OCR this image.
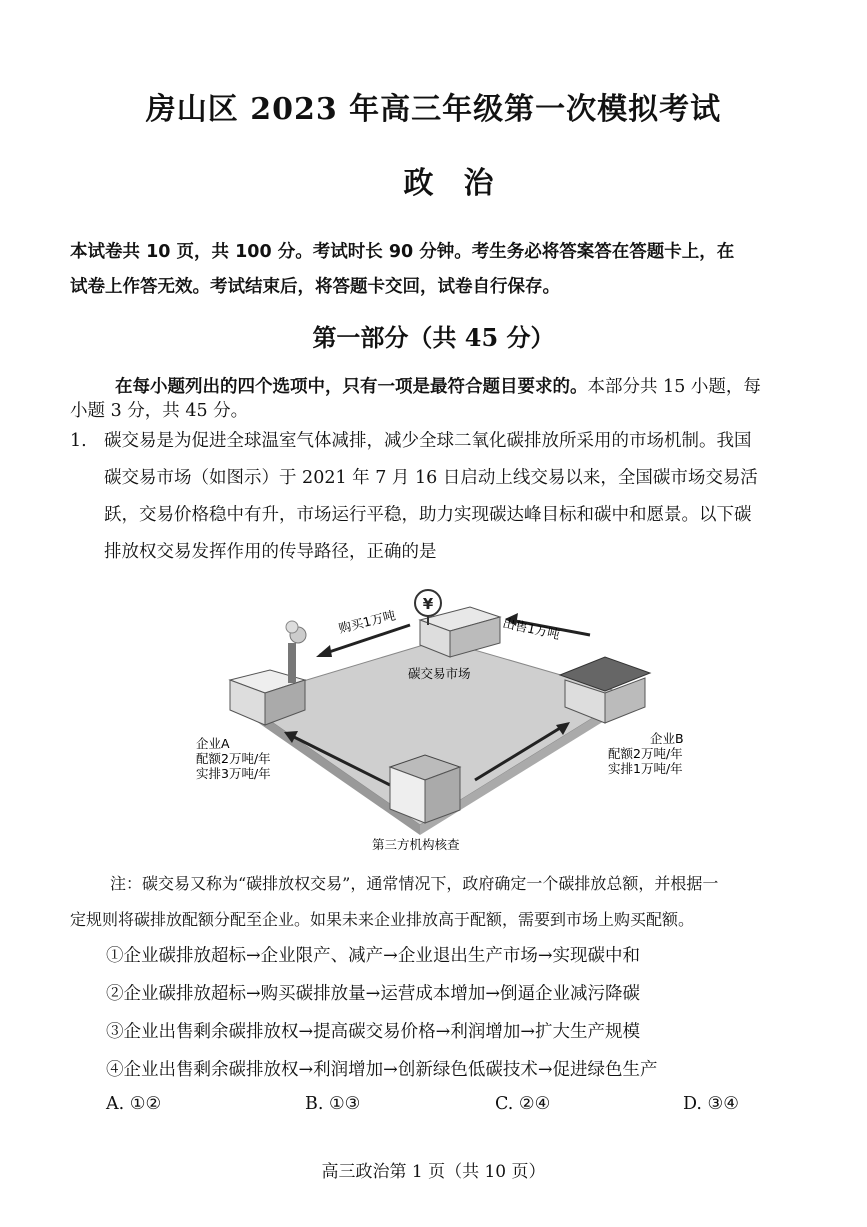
房山区 2023 年高三年级第一次模拟考试
政治
本试卷共 10 页，共 100 分。考试时长 90 分钟。考生务必将答案答在答题卡上，在
试卷上作答无效。考试结束后，将答题卡交回，试卷自行保存。
第一部分（共 45 分）
在每小题列出的四个选项中，只有一项是最符合题目要求的。本部分共 15 小题，每
小题 3 分，共 45 分。
1. 碳交易是为促进全球温室气体减排，减少全球二氧化碳排放所采用的市场机制。我国
碳交易市场（如图示）于 2021 年 7 月 16 日启动上线交易以来，全国碳市场交易活
跃，交易价格稳中有升，市场运行平稳，助力实现碳达峰目标和碳中和愿景。以下碳
排放权交易发挥作用的传导路径，正确的是
¥
购买1万吨	出售1万吨
碳交易市场
企业A
配额2万吨/年
实排3万吨/年
企业B
配额2万吨/年
实排1万吨/年
第三方机构核查
注：碳交易又称为“碳排放权交易”，通常情况下，政府确定一个碳排放总额，并根据一
定规则将碳排放配额分配至企业。如果未来企业排放高于配额，需要到市场上购买配额。
①企业碳排放超标→企业限产、减产→企业退出生产市场→实现碳中和
②企业碳排放超标→购买碳排放量→运营成本增加→倒逼企业减污降碳
③企业出售剩余碳排放权→提高碳交易价格→利润增加→扩大生产规模
④企业出售剩余碳排放权→利润增加→创新绿色低碳技术→促进绿色生产
A. ①②	B. ①③	C. ②④	D. ③④
高三政治第 1 页（共 10 页）
